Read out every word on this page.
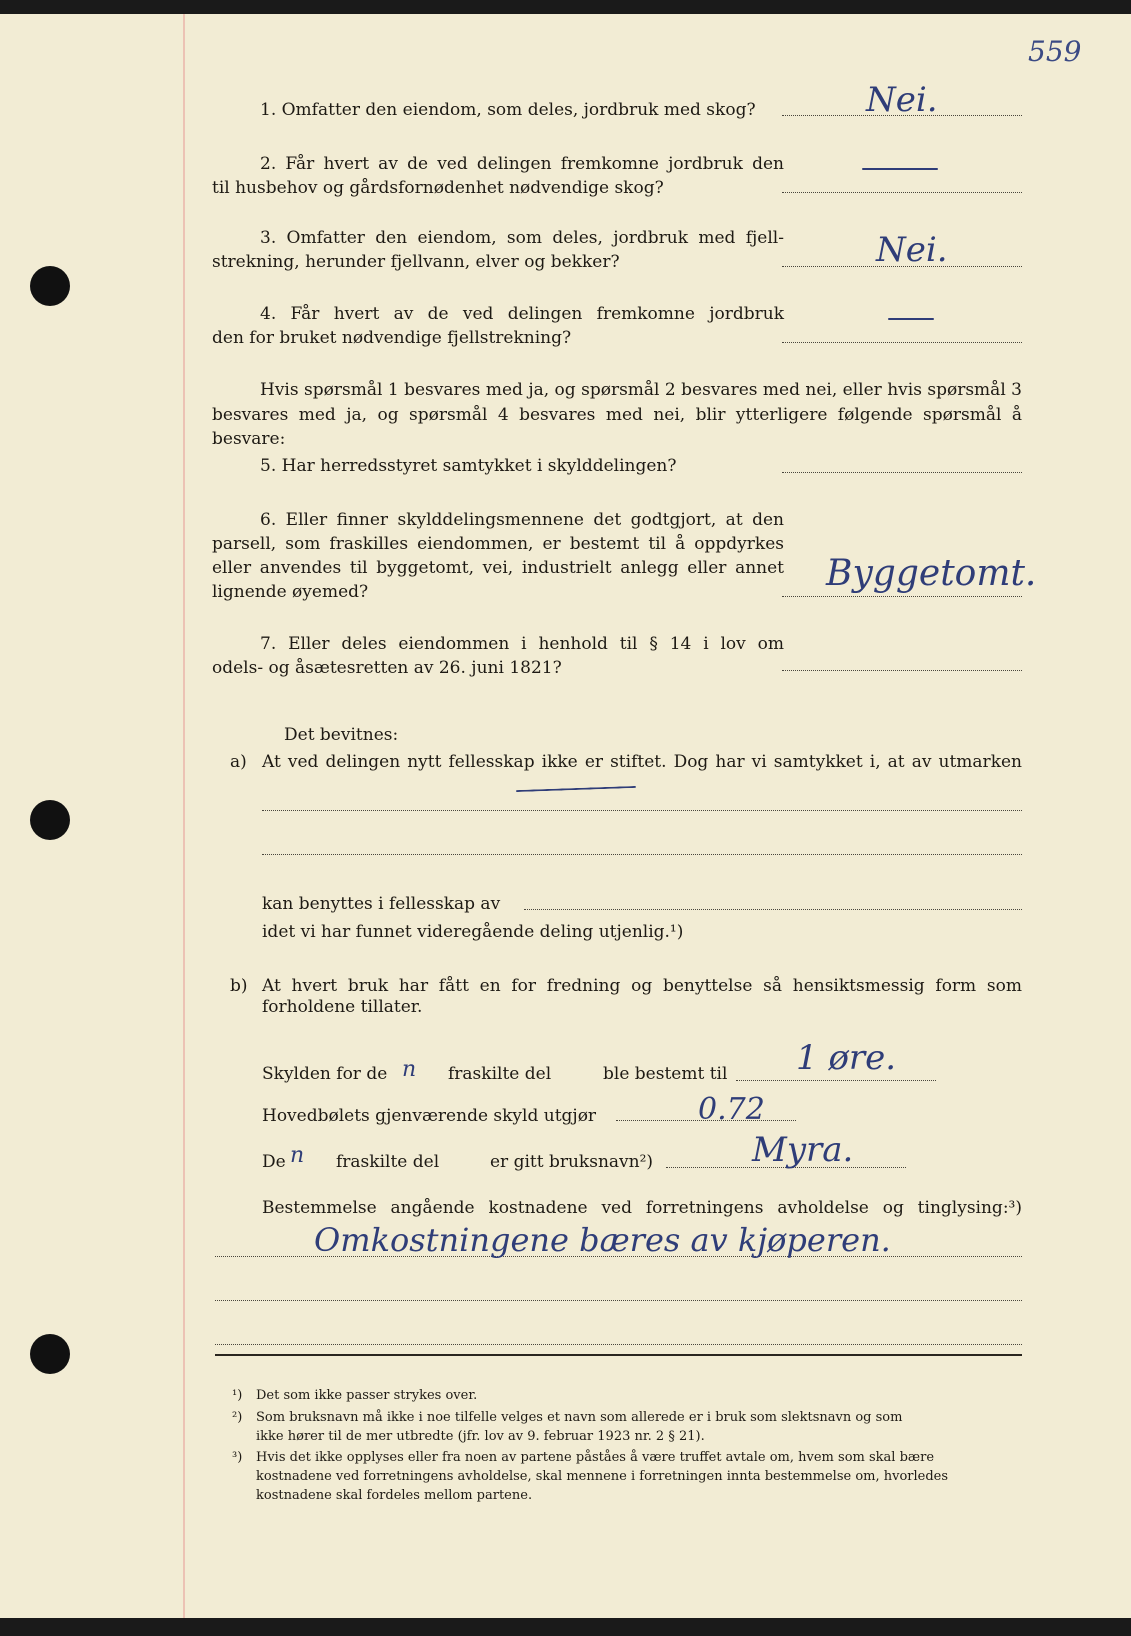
559
1. Omfatter den eiendom, som deles, jordbruk med skog?	Nei.
2. Får hvert av de ved delingen fremkomne jordbruk den
til husbehov og gårdsfornødenhet nødvendige skog?
3. Omfatter den eiendom, som deles, jordbruk med fjell-
strekning, herunder fjellvann, elver og bekker?	Nei.
4. Får hvert av de ved delingen fremkomne jordbruk
den for bruket nødvendige fjellstrekning?
Hvis spørsmål 1 besvares med ja, og spørsmål 2 besvares med nei, eller hvis spørsmål 3
besvares med ja, og spørsmål 4 besvares med nei, blir ytterligere følgende spørsmål å besvare:
5. Har herredsstyret samtykket i skylddelingen?
6. Eller finner skylddelingsmennene det godtgjort, at den
parsell, som fraskilles eiendommen, er bestemt til å oppdyrkes
eller anvendes til byggetomt, vei, industrielt anlegg eller annet
lignende øyemed?	Byggetomt.
7. Eller deles eiendommen i henhold til § 14 i lov om
odels- og åsætesretten av 26. juni 1821?
Det bevitnes:
a) At ved delingen nytt fellesskap ikke er stiftet. Dog har vi samtykket i, at av utmarken
kan benyttes i fellesskap av
idet vi har funnet videregående deling utjenlig.¹)
b) At hvert bruk har fått en for fredning og benyttelse så hensiktsmessig form som
forholdene tillater.
Skylden for de n fraskilte del	ble bestemt til 1 øre.
Hovedbølets gjenværende skyld utgjør	0.72
De n fraskilte del	er gitt bruksnavn²)	Myra.
Bestemmelse angående kostnadene ved forretningens avholdelse og tinglysing:³)
Omkostningene bæres av kjøperen.
¹) Det som ikke passer strykes over.
²) Som bruksnavn må ikke i noe tilfelle velges et navn som allerede er i bruk som slektsnavn og som
ikke hører til de mer utbredte (jfr. lov av 9. februar 1923 nr. 2 § 21).
³) Hvis det ikke opplyses eller fra noen av partene påståes å være truffet avtale om, hvem som skal bære
kostnadene ved forretningens avholdelse, skal mennene i forretningen innta bestemmelse om, hvorledes
kostnadene skal fordeles mellom partene.
